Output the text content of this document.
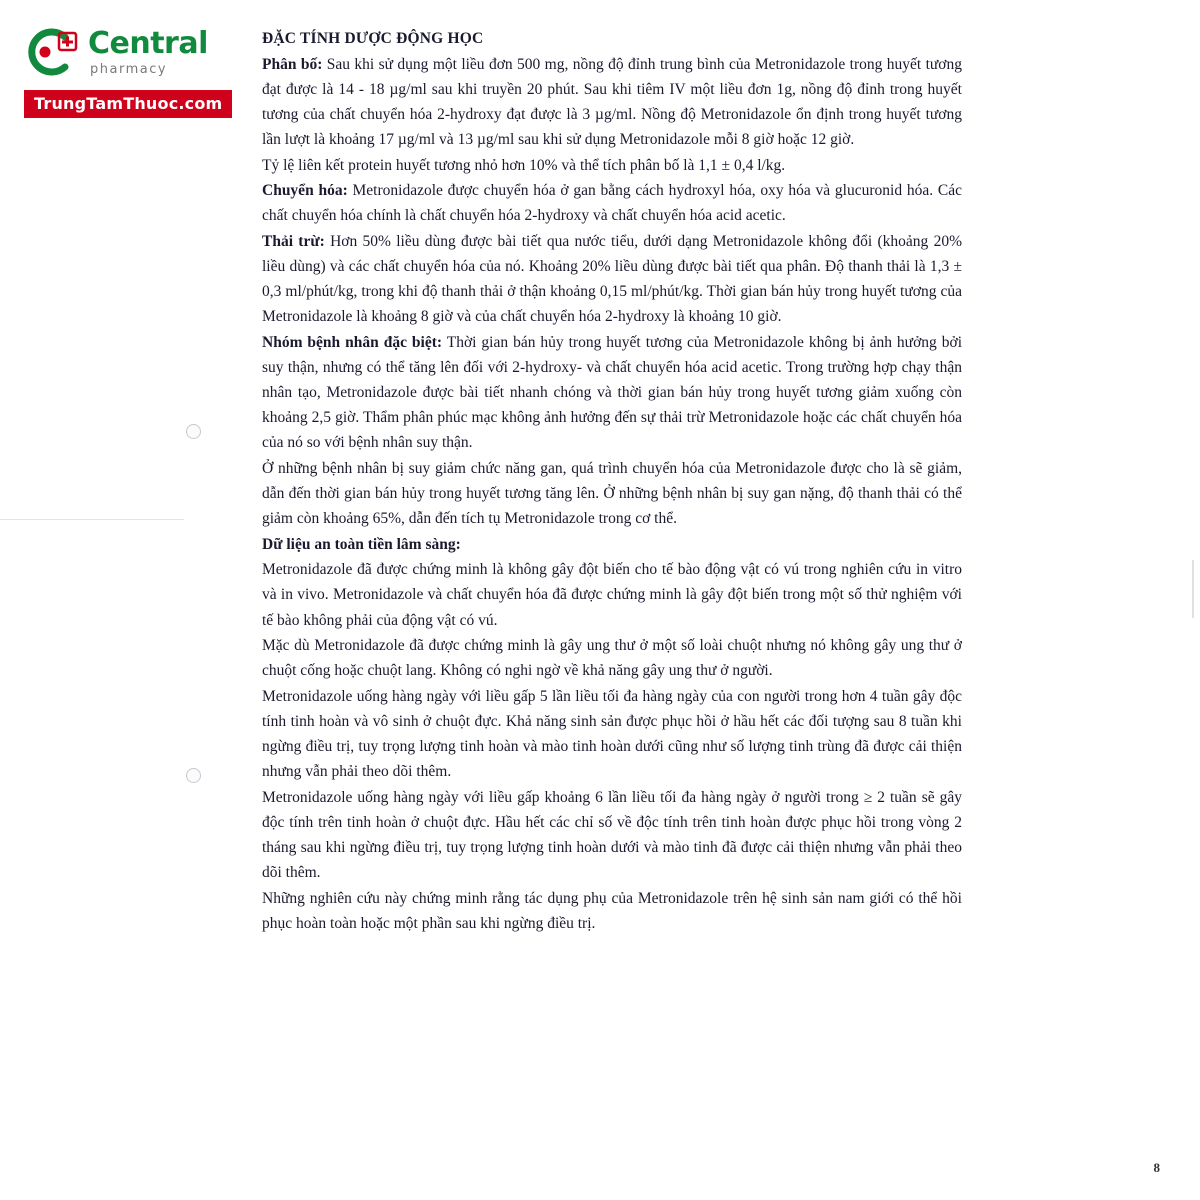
Central
pharmacy
TrungTamThuoc.com

ĐẶC TÍNH DƯỢC ĐỘNG HỌC

Phân bố: Sau khi sử dụng một liều đơn 500 mg, nồng độ đỉnh trung bình của Metronidazole trong huyết tương đạt được là 14 - 18 µg/ml sau khi truyền 20 phút. Sau khi tiêm IV một liều đơn 1g, nồng độ đỉnh trong huyết tương của chất chuyển hóa 2-hydroxy đạt được là 3 µg/ml. Nồng độ Metronidazole ổn định trong huyết tương lần lượt là khoảng 17 µg/ml và 13 µg/ml sau khi sử dụng Metronidazole mỗi 8 giờ hoặc 12 giờ.

Tỷ lệ liên kết protein huyết tương nhỏ hơn 10% và thể tích phân bố là 1,1 ± 0,4 l/kg.

Chuyển hóa: Metronidazole được chuyển hóa ở gan bằng cách hydroxyl hóa, oxy hóa và glucuronid hóa. Các chất chuyển hóa chính là chất chuyển hóa 2-hydroxy và chất chuyển hóa acid acetic.

Thải trừ: Hơn 50% liều dùng được bài tiết qua nước tiểu, dưới dạng Metronidazole không đổi (khoảng 20% liều dùng) và các chất chuyển hóa của nó. Khoảng 20% liều dùng được bài tiết qua phân. Độ thanh thải là 1,3 ± 0,3 ml/phút/kg, trong khi độ thanh thải ở thận khoảng 0,15 ml/phút/kg. Thời gian bán hủy trong huyết tương của Metronidazole là khoảng 8 giờ và của chất chuyển hóa 2-hydroxy là khoảng 10 giờ.

Nhóm bệnh nhân đặc biệt: Thời gian bán hủy trong huyết tương của Metronidazole không bị ảnh hưởng bởi suy thận, nhưng có thể tăng lên đối với 2-hydroxy- và chất chuyển hóa acid acetic. Trong trường hợp chạy thận nhân tạo, Metronidazole được bài tiết nhanh chóng và thời gian bán hủy trong huyết tương giảm xuống còn khoảng 2,5 giờ. Thẩm phân phúc mạc không ảnh hưởng đến sự thải trừ Metronidazole hoặc các chất chuyển hóa của nó so với bệnh nhân suy thận.

Ở những bệnh nhân bị suy giảm chức năng gan, quá trình chuyển hóa của Metronidazole được cho là sẽ giảm, dẫn đến thời gian bán hủy trong huyết tương tăng lên. Ở những bệnh nhân bị suy gan nặng, độ thanh thải có thể giảm còn khoảng 65%, dẫn đến tích tụ Metronidazole trong cơ thể.

Dữ liệu an toàn tiền lâm sàng:

Metronidazole đã được chứng minh là không gây đột biến cho tế bào động vật có vú trong nghiên cứu in vitro và in vivo. Metronidazole và chất chuyển hóa đã được chứng minh là gây đột biến trong một số thử nghiệm với tế bào không phải của động vật có vú.

Mặc dù Metronidazole đã được chứng minh là gây ung thư ở một số loài chuột nhưng nó không gây ung thư ở chuột cống hoặc chuột lang. Không có nghi ngờ về khả năng gây ung thư ở người.

Metronidazole uống hàng ngày với liều gấp 5 lần liều tối đa hàng ngày của con người trong hơn 4 tuần gây độc tính tinh hoàn và vô sinh ở chuột đực. Khả năng sinh sản được phục hồi ở hầu hết các đối tượng sau 8 tuần khi ngừng điều trị, tuy trọng lượng tinh hoàn và mào tinh hoàn dưới cũng như số lượng tinh trùng đã được cải thiện nhưng vẫn phải theo dõi thêm.

Metronidazole uống hàng ngày với liều gấp khoảng 6 lần liều tối đa hàng ngày ở người trong ≥ 2 tuần sẽ gây độc tính trên tinh hoàn ở chuột đực. Hầu hết các chỉ số về độc tính trên tinh hoàn được phục hồi trong vòng 2 tháng sau khi ngừng điều trị, tuy trọng lượng tinh hoàn dưới và mào tinh đã được cải thiện nhưng vẫn phải theo dõi thêm.

Những nghiên cứu này chứng minh rằng tác dụng phụ của Metronidazole trên hệ sinh sản nam giới có thể hồi phục hoàn toàn hoặc một phần sau khi ngừng điều trị.

8
